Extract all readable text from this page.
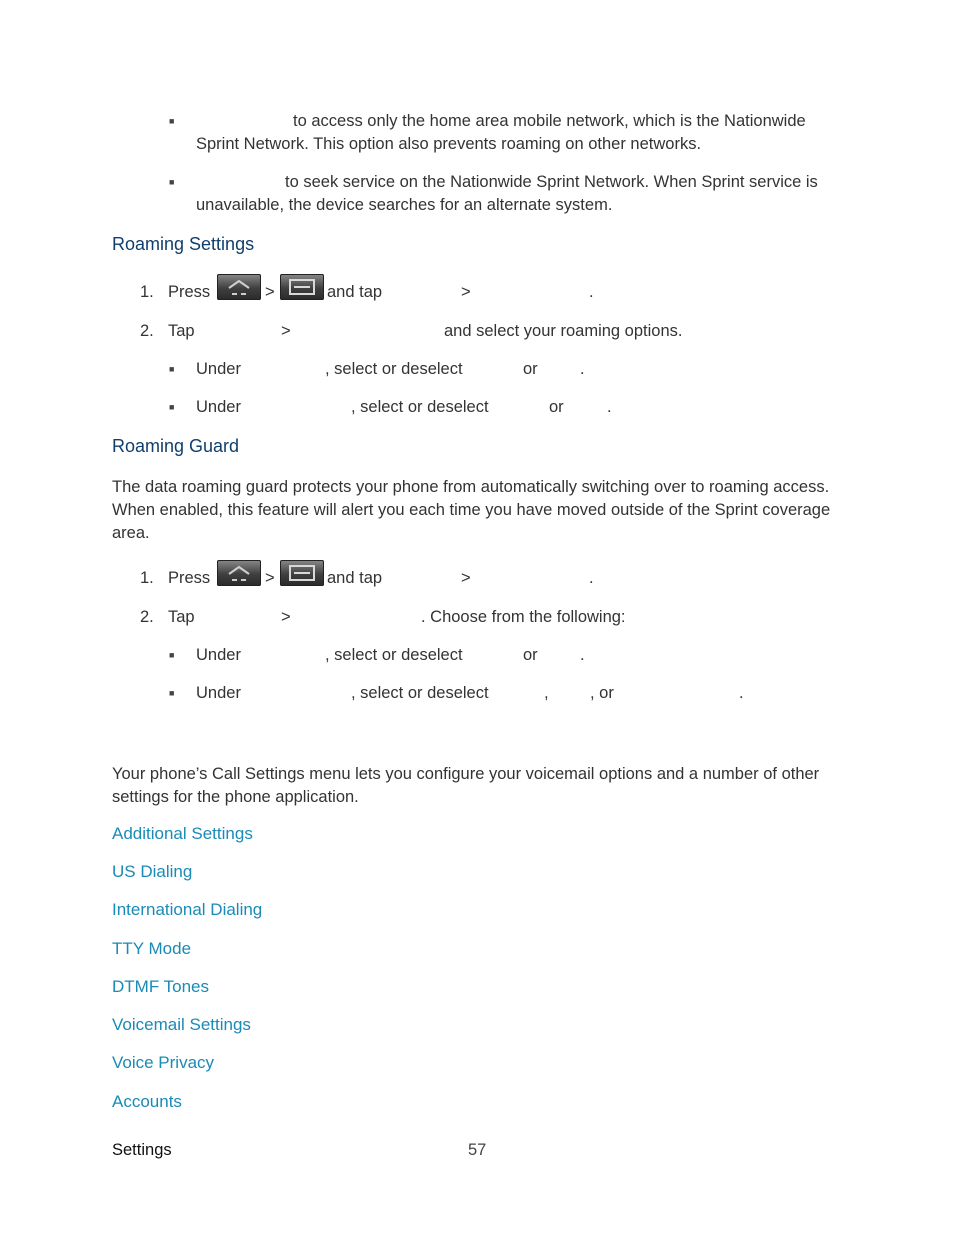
■	to access only the home area mobile network, which is the Nationwide
Sprint Network. This option also prevents roaming on other networks.
■	to seek service on the Nationwide Sprint Network. When Sprint service is
unavailable, the device searches for an alternate system.
Roaming Settings
1. Press	>	and tap	>	.
2. Tap	>	and select your roaming options.
■ Under	, select or deselect	or	.
■ Under	, select or deselect	or	.
Roaming Guard
The data roaming guard protects your phone from automatically switching over to roaming access. When enabled, this feature will alert you each time you have moved outside of the Sprint coverage area.
1. Press	>	and tap	>	.
2. Tap	>	. Choose from the following:
■ Under	, select or deselect	or	.
■ Under	, select or deselect	,	, or	.
Your phone’s Call Settings menu lets you configure your voicemail options and a number of other settings for the phone application.
Additional Settings
US Dialing
International Dialing
TTY Mode
DTMF Tones
Voicemail Settings
Voice Privacy
Accounts
Settings	57
